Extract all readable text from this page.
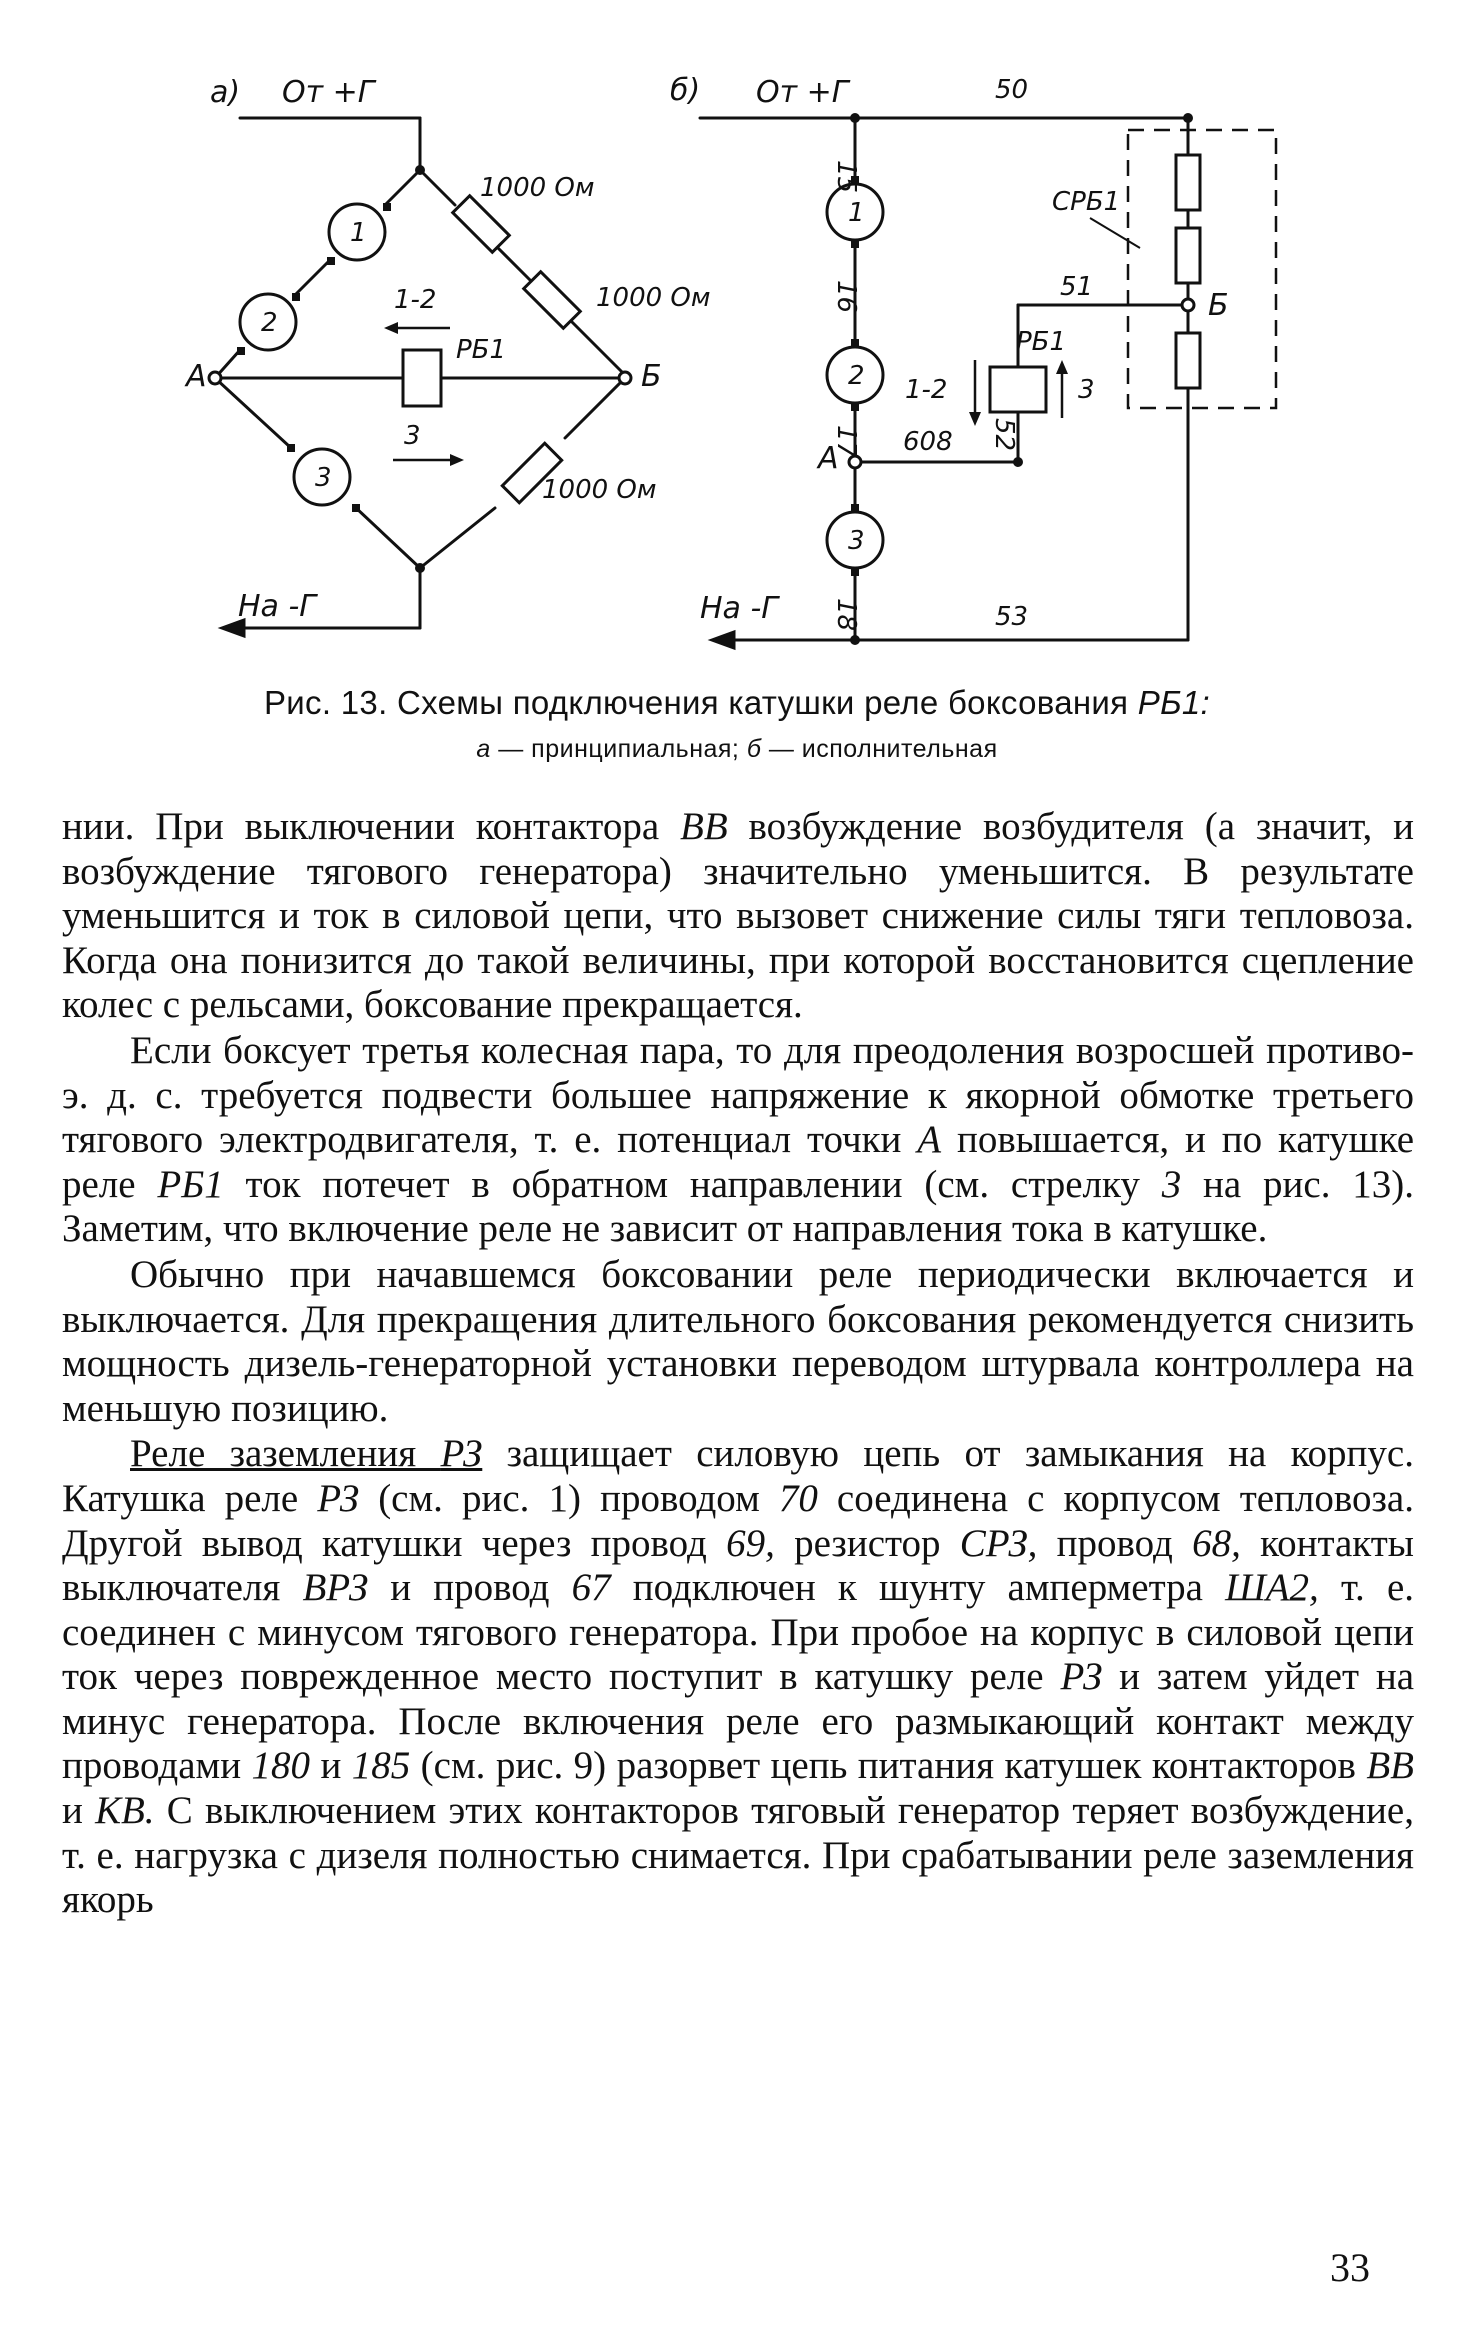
а) От +Г
На -Г
1000 Ом
1000 Ом
1000 Ом
А	Б
РБ1
1-2
3
1
2
3
б) От +Г
На -Г
50
15
16
17
18
51
52
53
608
СРБ1
РБ1
А
Б
1-2	3
1
2
3
Рис. 13. Схемы подключения катушки реле боксования РБ1:
а — принципиальная; б — исполнительная

нии. При выключении контактора ВВ возбуждение возбудителя (а значит, и возбуждение тягового генератора) значительно уменьшится. В результате уменьшится и ток в силовой цепи, что вызовет снижение силы тяги тепловоза. Когда она понизится до такой величины, при которой восстановится сцепление колес с рельсами, боксование прекращается.

Если боксует третья колесная пара, то для преодоления возросшей противо-э. д. с. требуется подвести большее напряжение к якорной обмотке третьего тягового электродвигателя, т. е. потенциал точки А повышается, и по катушке реле РБ1 ток потечет в обратном направлении (см. стрелку 3 на рис. 13). Заметим, что включение реле не зависит от направления тока в катушке.

Обычно при начавшемся боксовании реле периодически включается и выключается. Для прекращения длительного боксования рекомендуется снизить мощность дизель-генераторной установки переводом штурвала контроллера на меньшую позицию.

Реле заземления РЗ защищает силовую цепь от замыкания на корпус. Катушка реле РЗ (см. рис. 1) проводом 70 соединена с корпусом тепловоза. Другой вывод катушки через провод 69, резистор СРЗ, провод 68, контакты выключателя ВРЗ и провод 67 подключен к шунту амперметра ША2, т. е. соединен с минусом тягового генератора. При пробое на корпус в силовой цепи ток через поврежденное место поступит в катушку реле РЗ и затем уйдет на минус генератора. После включения реле его размыкающий контакт между проводами 180 и 185 (см. рис. 9) разорвет цепь питания катушек контакторов ВВ и КВ. С выключением этих контакторов тяговый генератор теряет возбуждение, т. е. нагрузка с дизеля полностью снимается. При срабатывании реле заземления якорь

33
